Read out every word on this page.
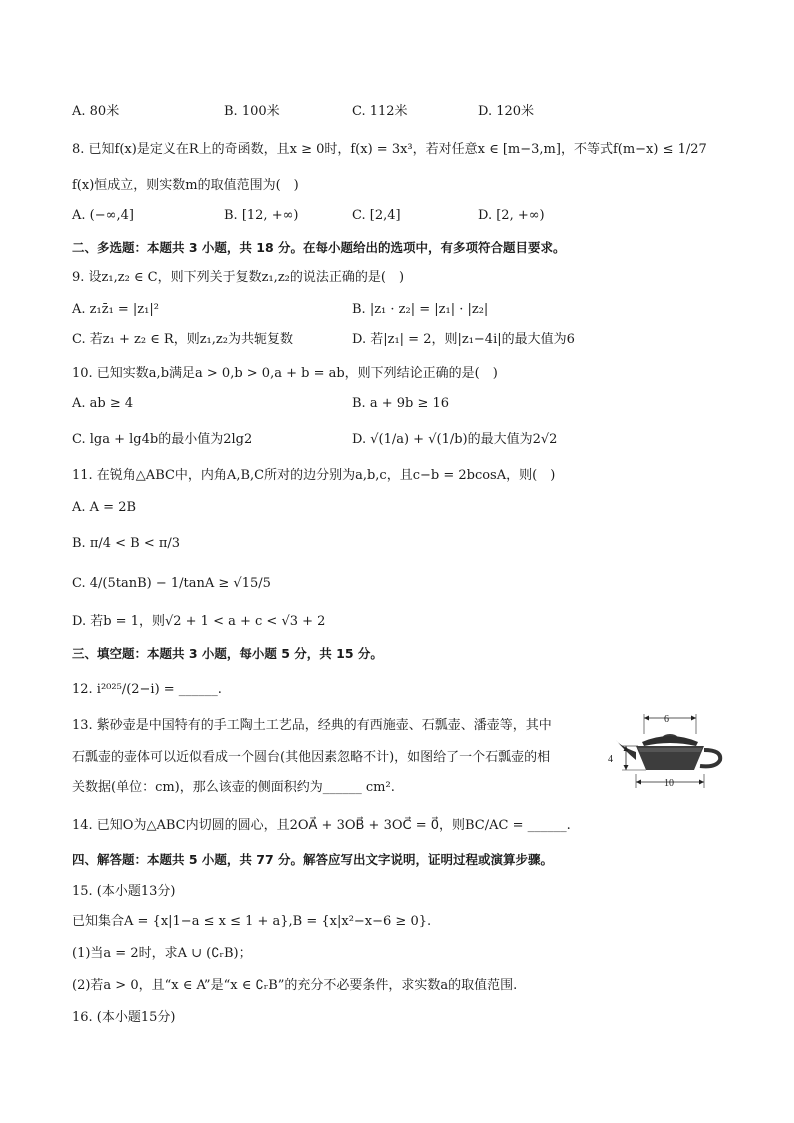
A. 80米	B. 100米	C. 112米	D. 120米
8. 已知f(x)是定义在R上的奇函数，且x ≥ 0时，f(x) = 3x³，若对任意x ∈ [m−3,m]，不等式f(m−x) ≤ 1/27
f(x)恒成立，则实数m的取值范围为(　)
A. (−∞,4]	B. [12, +∞)	C. [2,4]	D. [2, +∞)
二、多选题：本题共 3 小题，共 18 分。在每小题给出的选项中，有多项符合题目要求。
9. 设z₁,z₂ ∈ C，则下列关于复数z₁,z₂的说法正确的是(　)
A. z₁z̄₁ = |z₁|²	B. |z₁ · z₂| = |z₁| · |z₂|
C. 若z₁ + z₂ ∈ R，则z₁,z₂为共轭复数	D. 若|z₁| = 2，则|z₁−4i|的最大值为6
10. 已知实数a,b满足a > 0,b > 0,a + b = ab，则下列结论正确的是(　)
A. ab ≥ 4	B. a + 9b ≥ 16
C. lga + lg4b的最小值为2lg2	D. √(1/a) + √(1/b)的最大值为2√2
11. 在锐角△ABC中，内角A,B,C所对的边分别为a,b,c，且c−b = 2bcosA，则(　)
A. A = 2B
B. π/4 < B < π/3
C. 4/(5tanB) − 1/tanA ≥ √15/5
D. 若b = 1，则√2 + 1 < a + c < √3 + 2
三、填空题：本题共 3 小题，每小题 5 分，共 15 分。
12. i²⁰²⁵/(2−i) = ______.
13. 紫砂壶是中国特有的手工陶土工艺品，经典的有西施壶、石瓢壶、潘壶等，其中
石瓢壶的壶体可以近似看成一个圆台(其他因素忽略不计)，如图给了一个石瓢壶的相
关数据(单位：cm)，那么该壶的侧面积约为______ cm².
6
4
10
14. 已知O为△ABC内切圆的圆心，且2OA⃗ + 3OB⃗ + 3OC⃗ = 0⃗，则BC/AC = ______.
四、解答题：本题共 5 小题，共 77 分。解答应写出文字说明，证明过程或演算步骤。
15. (本小题13分)
已知集合A = {x|1−a ≤ x ≤ 1 + a},B = {x|x²−x−6 ≥ 0}.
(1)当a = 2时，求A ∪ (∁ᵣB)；
(2)若a > 0，且“x ∈ A”是“x ∈ ∁ᵣB”的充分不必要条件，求实数a的取值范围.
16. (本小题15分)
